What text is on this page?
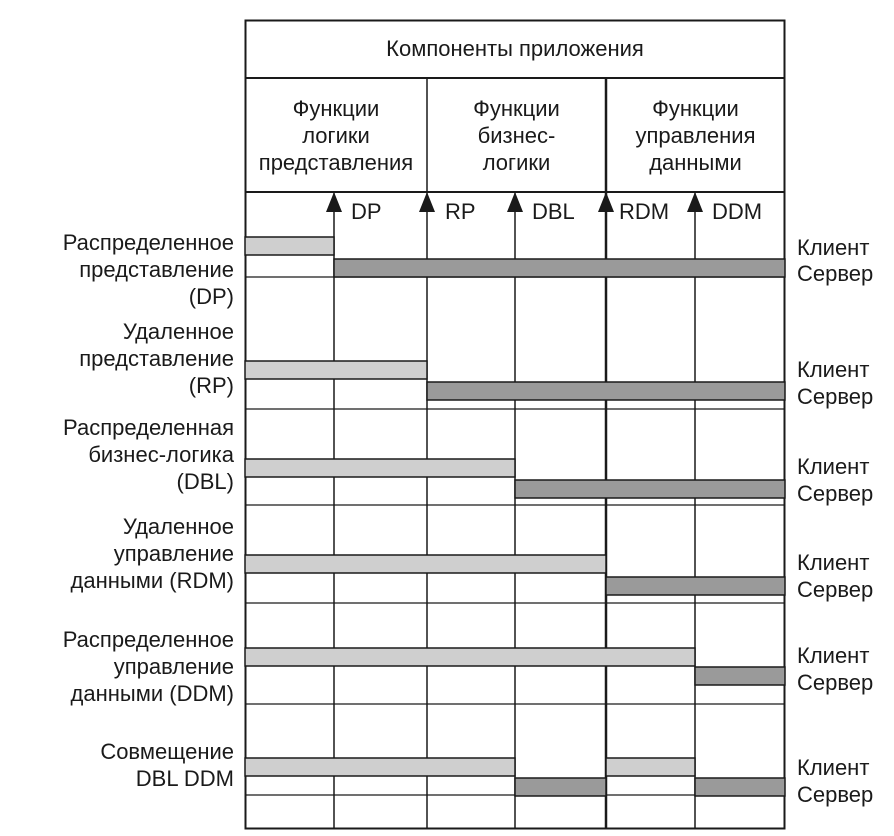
Компоненты приложения
Функции
логики
представления
Функции
бизнес-
логики
Функции
управления
данными
DP	RP	DBL RDM DDM
Распределенное
представление
(DP)
Удаленное
представление
(RP)
Распределенная
бизнес-логика
(DBL)
Удаленное
управление
данными (RDM)
Распределенное
управление
данными (DDM)
Совмещение
DBL DDM
Клиент
Сервер
Клиент
Сервер
Клиент
Сервер
Клиент
Сервер
Клиент
Сервер
Клиент
Сервер
